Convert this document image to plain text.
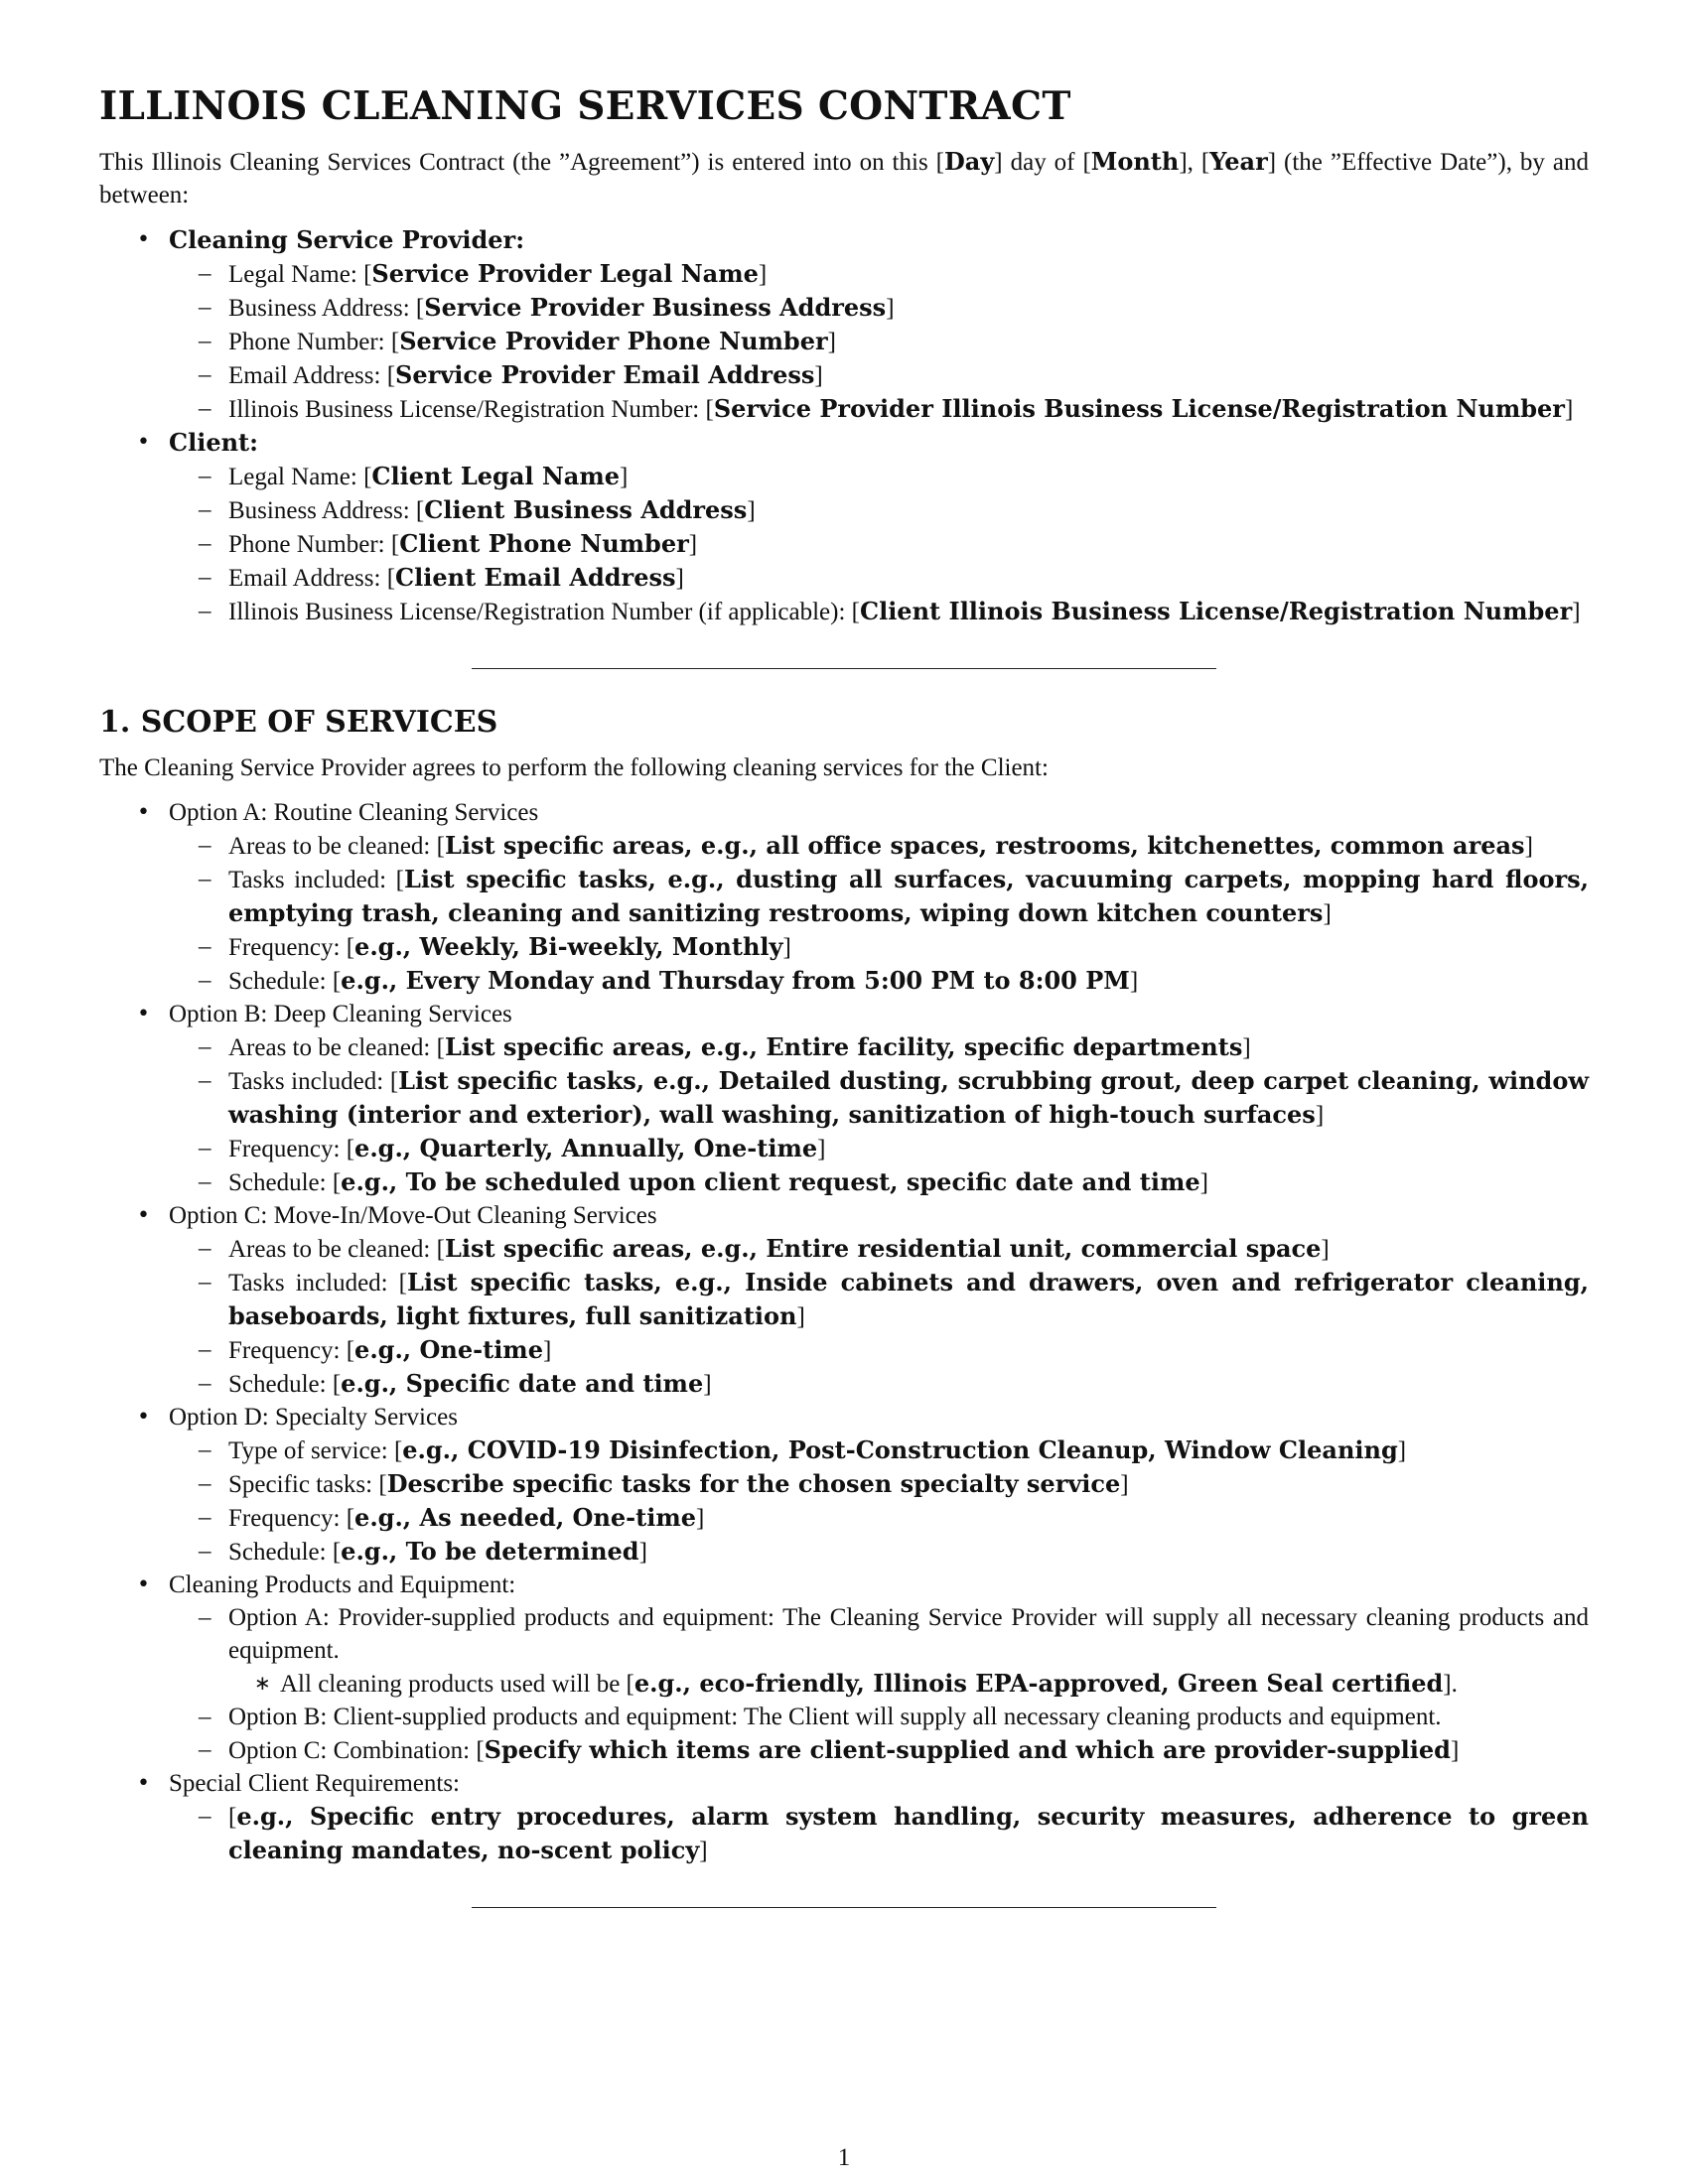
ILLINOIS CLEANING SERVICES CONTRACT

This Illinois Cleaning Services Contract (the ”Agreement”) is entered into on this [Day] day of [Month], [Year] (the ”Effective Date”), by and between:

• Cleaning Service Provider:
– Legal Name: [Service Provider Legal Name]
– Business Address: [Service Provider Business Address]
– Phone Number: [Service Provider Phone Number]
– Email Address: [Service Provider Email Address]
– Illinois Business License/Registration Number: [Service Provider Illinois Business License/Registration Number]
• Client:
– Legal Name: [Client Legal Name]
– Business Address: [Client Business Address]
– Phone Number: [Client Phone Number]
– Email Address: [Client Email Address]
– Illinois Business License/Registration Number (if applicable): [Client Illinois Business License/Registration Number]
1. SCOPE OF SERVICES

The Cleaning Service Provider agrees to perform the following cleaning services for the Client:

• Option A: Routine Cleaning Services
– Areas to be cleaned: [List specific areas, e.g., all office spaces, restrooms, kitchenettes, common areas]
– Tasks included: [List specific tasks, e.g., dusting all surfaces, vacuuming carpets, mopping hard floors, emptying trash, cleaning and sanitizing restrooms, wiping down kitchen counters]
– Frequency: [e.g., Weekly, Bi-weekly, Monthly]
– Schedule: [e.g., Every Monday and Thursday from 5:00 PM to 8:00 PM]
• Option B: Deep Cleaning Services
– Areas to be cleaned: [List specific areas, e.g., Entire facility, specific departments]
– Tasks included: [List specific tasks, e.g., Detailed dusting, scrubbing grout, deep carpet cleaning, window washing (interior and exterior), wall washing, sanitization of high-touch surfaces]
– Frequency: [e.g., Quarterly, Annually, One-time]
– Schedule: [e.g., To be scheduled upon client request, specific date and time]
• Option C: Move-In/Move-Out Cleaning Services
– Areas to be cleaned: [List specific areas, e.g., Entire residential unit, commercial space]
– Tasks included: [List specific tasks, e.g., Inside cabinets and drawers, oven and refrigerator cleaning, baseboards, light fixtures, full sanitization]
– Frequency: [e.g., One-time]
– Schedule: [e.g., Specific date and time]
• Option D: Specialty Services
– Type of service: [e.g., COVID-19 Disinfection, Post-Construction Cleanup, Window Cleaning]
– Specific tasks: [Describe specific tasks for the chosen specialty service]
– Frequency: [e.g., As needed, One-time]
– Schedule: [e.g., To be determined]
• Cleaning Products and Equipment:
– Option A: Provider-supplied products and equipment: The Cleaning Service Provider will supply all necessary cleaning products and equipment.
∗ All cleaning products used will be [e.g., eco-friendly, Illinois EPA-approved, Green Seal certified].
– Option B: Client-supplied products and equipment: The Client will supply all necessary cleaning products and equipment.
– Option C: Combination: [Specify which items are client-supplied and which are provider-supplied]
• Special Client Requirements:
– [e.g., Specific entry procedures, alarm system handling, security measures, adherence to green cleaning mandates, no-scent policy]
1
